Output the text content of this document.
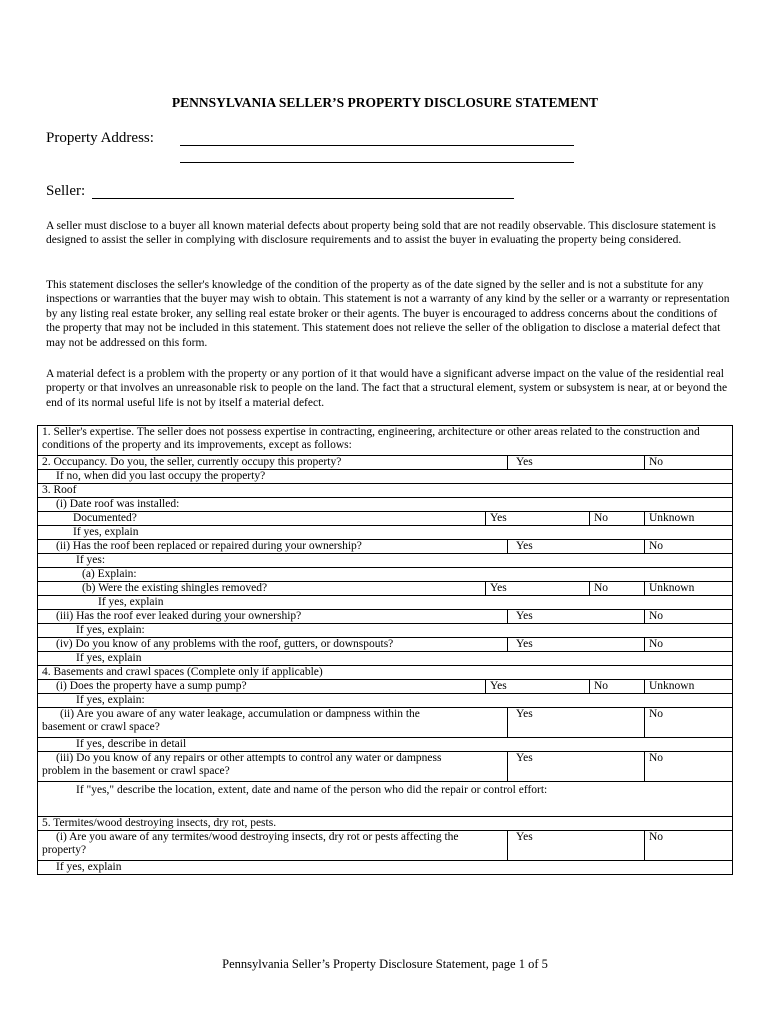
PENNSYLVANIA SELLER’S PROPERTY DISCLOSURE STATEMENT
Property Address:
Seller:

A seller must disclose to a buyer all known material defects about property being sold that are not readily observable. This disclosure statement is designed to assist the seller in complying with disclosure requirements and to assist the buyer in evaluating the property being considered.

This statement discloses the seller's knowledge of the condition of the property as of the date signed by the seller and is not a substitute for any inspections or warranties that the buyer may wish to obtain. This statement is not a warranty of any kind by the seller or a warranty or representation by any listing real estate broker, any selling real estate broker or their agents. The buyer is encouraged to address concerns about the conditions of the property that may not be included in this statement. This statement does not relieve the seller of the obligation to disclose a material defect that may not be addressed on this form.

A material defect is a problem with the property or any portion of it that would have a significant adverse impact on the value of the residential real property or that involves an unreasonable risk to people on the land. The fact that a structural element, system or subsystem is near, at or beyond the end of its normal useful life is not by itself a material defect.

1. Seller's expertise. The seller does not possess expertise in contracting, engineering, architecture or other areas related to the construction and conditions of the property and its improvements, except as follows:				
2. Occupancy. Do you, the seller, currently occupy this property?		Yes		No
If no, when did you last occupy the property?				
3. Roof				
(i) Date roof was installed:				
Documented?	Yes		No	Unknown
If yes, explain				
(ii) Has the roof been replaced or repaired during your ownership?		Yes		No
If yes:				
(a) Explain:				
(b) Were the existing shingles removed?	Yes		No	Unknown
If yes, explain				
(iii) Has the roof ever leaked during your ownership?		Yes		No
If yes, explain:				
(iv) Do you know of any problems with the roof, gutters, or downspouts?		Yes		No
If yes, explain				
4. Basements and crawl spaces (Complete only if applicable)				
(i) Does the property have a sump pump?	Yes		No	Unknown
If yes, explain:				

(ii) Are you aware of any water leakage, accumulation or dampness within the
basement or crawl space?		Yes		No
If yes, describe in detail				

(iii) Do you know of any repairs or other attempts to control any water or dampness
problem in the basement or crawl space?		Yes		No
If "yes," describe the location, extent, date and name of the person who did the repair or control effort:				
5. Termites/wood destroying insects, dry rot, pests.				

(i) Are you aware of any termites/wood destroying insects, dry rot or pests affecting the
property?		Yes		No
If yes, explain				
Pennsylvania Seller’s Property Disclosure Statement, page 1 of 5
